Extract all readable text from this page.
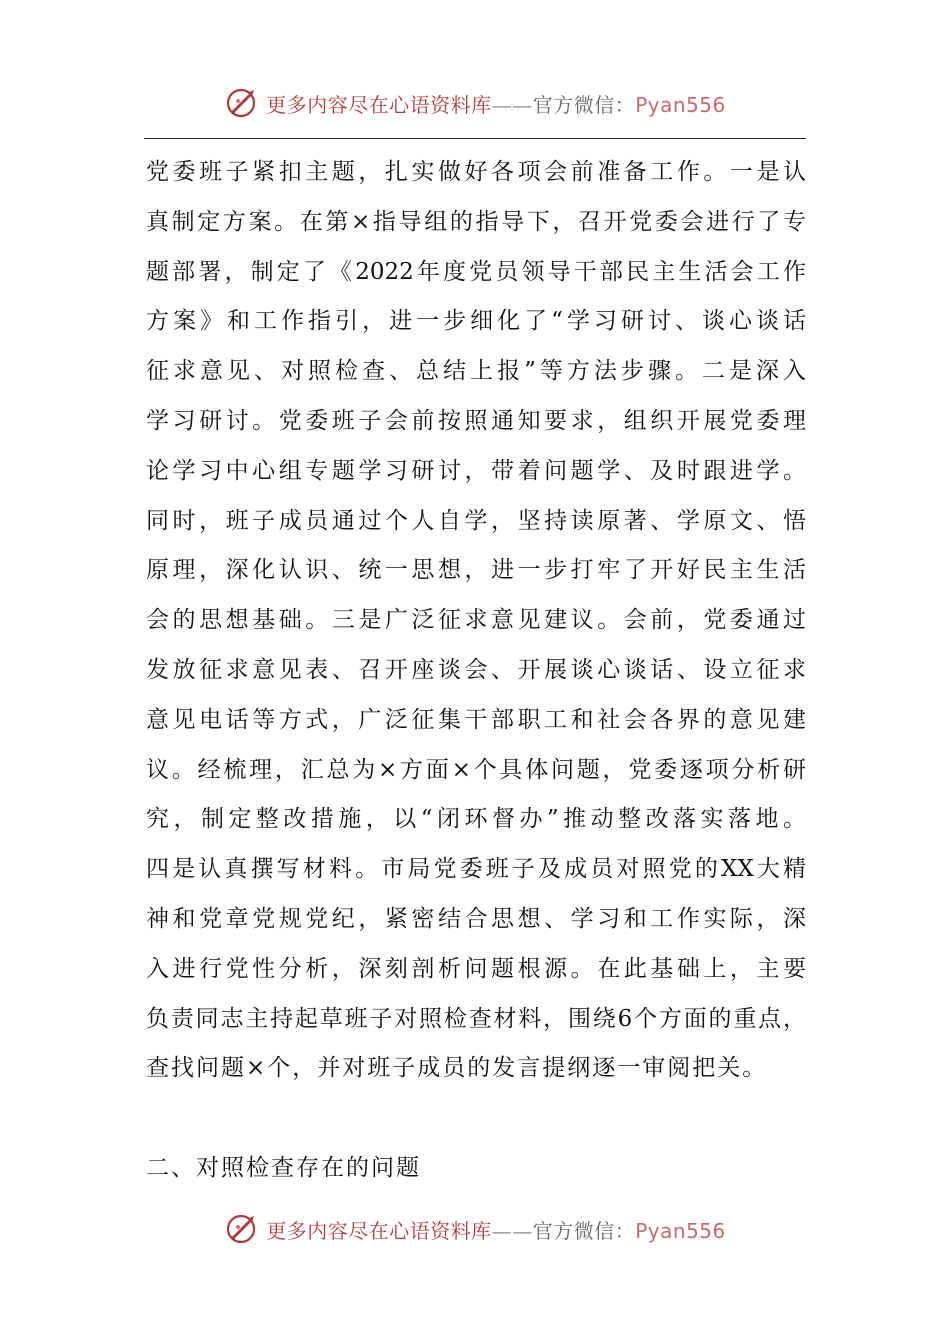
更多内容尽在心语资料库——官方微信：Pyan556
党委班子紧扣主题，扎实做好各项会前准备工作。一是认
真制定方案。在第×指导组的指导下，召开党委会进行了专
题部署，制定了《2022年度党员领导干部民主生活会工作
方案》和工作指引，进一步细化了“学习研讨、谈心谈话
征求意见、对照检查、总结上报”等方法步骤。二是深入
学习研讨。党委班子会前按照通知要求，组织开展党委理
论学习中心组专题学习研讨，带着问题学、及时跟进学。
同时，班子成员通过个人自学，坚持读原著、学原文、悟
原理，深化认识、统一思想，进一步打牢了开好民主生活
会的思想基础。三是广泛征求意见建议。会前，党委通过
发放征求意见表、召开座谈会、开展谈心谈话、设立征求
意见电话等方式，广泛征集干部职工和社会各界的意见建
议。经梳理，汇总为×方面×个具体问题，党委逐项分析研
究，制定整改措施，以“闭环督办”推动整改落实落地。
四是认真撰写材料。市局党委班子及成员对照党的XX大精
神和党章党规党纪，紧密结合思想、学习和工作实际，深
入进行党性分析，深刻剖析问题根源。在此基础上，主要
负责同志主持起草班子对照检查材料，围绕6个方面的重点，
查找问题×个，并对班子成员的发言提纲逐一审阅把关。
二、对照检查存在的问题
更多内容尽在心语资料库——官方微信：Pyan556
